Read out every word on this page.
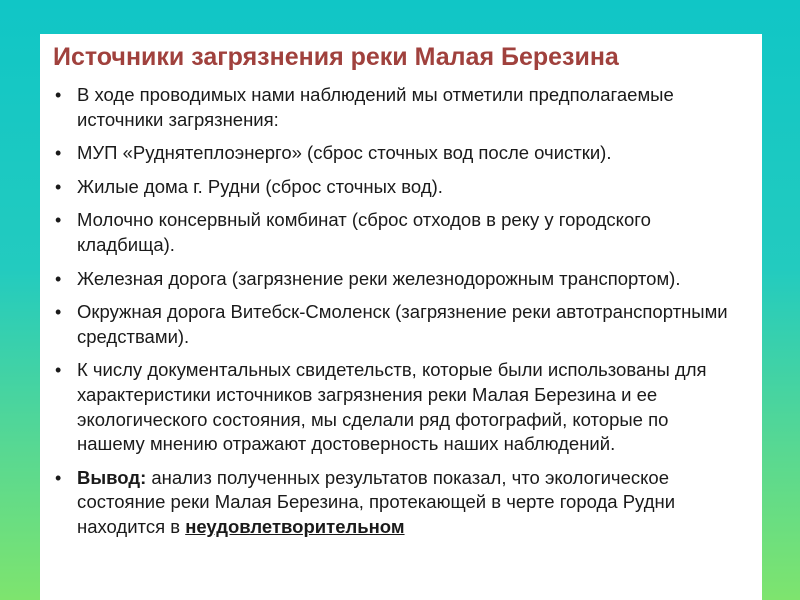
Источники загрязнения реки Малая Березина
• В ходе проводимых нами наблюдений мы отметили предполагаемые источники загрязнения:
• МУП «Руднятеплоэнерго» (сброс сточных вод после очистки).
• Жилые дома г. Рудни (сброс сточных вод).
• Молочно консервный комбинат (сброс отходов в реку у городского кладбища).
• Железная дорога (загрязнение реки железнодорожным транспортом).
• Окружная дорога Витебск-Смоленск (загрязнение реки автотранспортными средствами).
• К числу документальных свидетельств, которые были использованы для характеристики источников загрязнения реки Малая Березина и ее экологического состояния, мы сделали ряд фотографий, которые по нашему мнению отражают достоверность наших наблюдений.
• Вывод: анализ полученных результатов показал, что экологическое состояние реки Малая Березина, протекающей в черте города Рудни находится в неудовлетворительном
